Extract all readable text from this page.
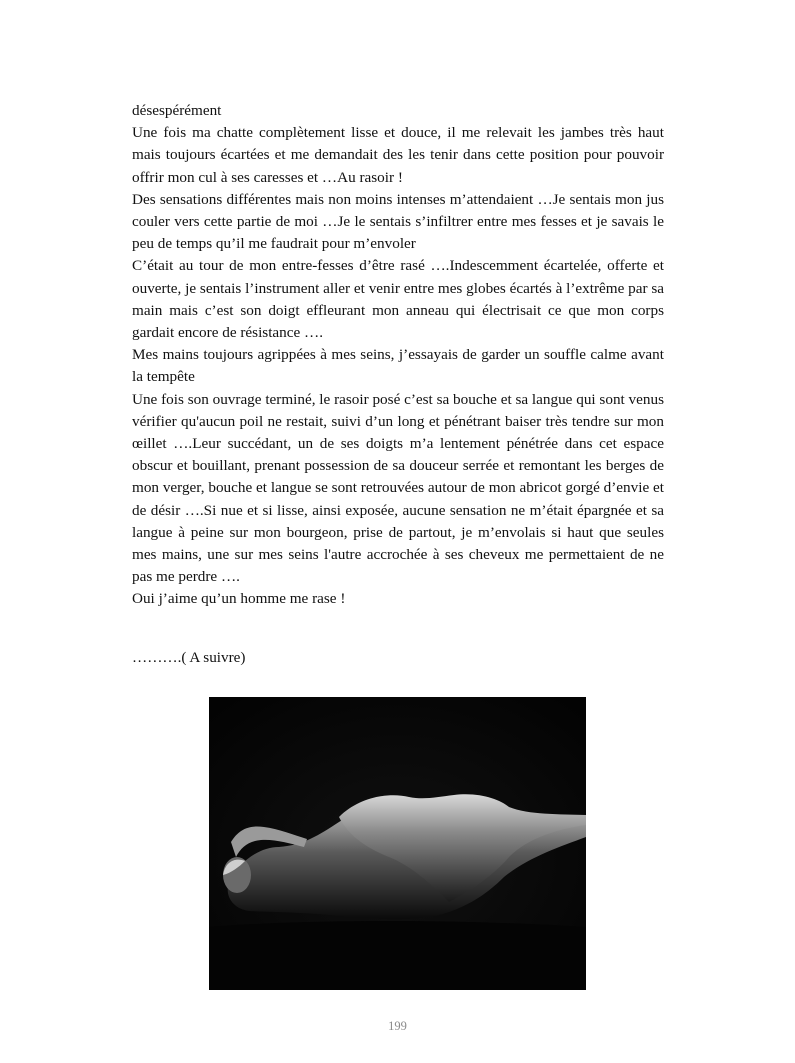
désespérément

Une fois ma chatte complètement lisse et douce, il me relevait les jambes très haut mais toujours écartées et me demandait des les tenir dans cette position pour pouvoir offrir mon cul à ses caresses et …Au rasoir !

Des sensations différentes mais non moins intenses m’attendaient …Je sentais mon jus couler vers cette partie de moi …Je le sentais s’infiltrer entre mes fesses et je savais le peu de temps qu’il me faudrait pour m’envoler

C’était au tour de mon entre-fesses d’être rasé ….Indescemment écartelée, offerte et ouverte, je sentais l’instrument aller et venir entre mes globes écartés à l’extrême par sa main mais c’est son doigt effleurant mon anneau qui électrisait ce que mon corps gardait encore de résistance ….

Mes mains toujours agrippées à mes seins, j’essayais de garder un souffle calme avant la tempête

Une fois son ouvrage terminé, le rasoir posé c’est sa bouche et sa langue qui sont venus vérifier qu'aucun poil ne restait, suivi d’un long et pénétrant baiser très tendre sur mon œillet ….Leur succédant, un de ses doigts m’a lentement pénétrée dans cet espace obscur et bouillant, prenant possession de sa douceur serrée et remontant les berges de mon verger, bouche et langue se sont retrouvées autour de mon abricot gorgé d’envie et de désir ….Si nue et si lisse, ainsi exposée, aucune sensation ne m’était épargnée et sa langue à peine sur mon bourgeon, prise de partout, je m’envolais si haut que seules mes mains, une sur mes seins l'autre accrochée à ses cheveux me permettaient de ne pas me perdre ….

Oui j’aime qu’un homme me rase !

……….( A suivre)
199
